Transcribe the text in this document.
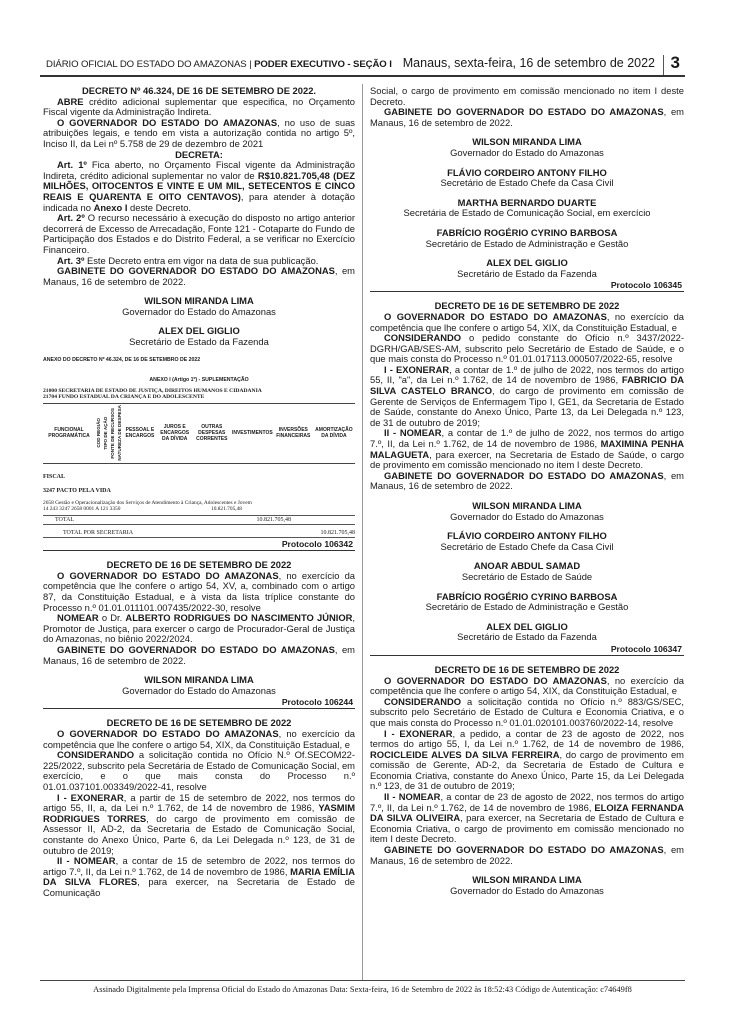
DIÁRIO OFICIAL DO ESTADO DO AMAZONAS | PODER EXECUTIVO - SEÇÃO I Manaus, sexta-feira, 16 de setembro de 2022 3

DECRETO Nº 46.324, DE 16 DE SETEMBRO DE 2022.

ABRE crédito adicional suplementar que especifica, no Orçamento Fiscal vigente da Administração Indireta.

O GOVERNADOR DO ESTADO DO AMAZONAS, no uso de suas atribuições legais, e tendo em vista a autorização contida no artigo 5º, Inciso II, da Lei nº 5.758 de 29 de dezembro de 2021

DECRETA:

Art. 1º Fica aberto, no Orçamento Fiscal vigente da Administração Indireta, crédito adicional suplementar no valor de R$10.821.705,48 (DEZ MILHÕES, OITOCENTOS E VINTE E UM MIL, SETECENTOS E CINCO REAIS E QUARENTA E OITO CENTAVOS), para atender à dotação indicada no Anexo I deste Decreto.

Art. 2º O recurso necessário à execução do disposto no artigo anterior decorrerá de Excesso de Arrecadação, Fonte 121 - Cotaparte do Fundo de Participação dos Estados e do Distrito Federal, a se verificar no Exercício Financeiro.

Art. 3º Este Decreto entra em vigor na data de sua publicação.

GABINETE DO GOVERNADOR DO ESTADO DO AMAZONAS, em Manaus, 16 de setembro de 2022.

WILSON MIRANDA LIMA

Governador do Estado do Amazonas

ALEX DEL GIGLIO

Secretário de Estado da Fazenda

ANEXO DO DECRETO Nº 46.324, DE 16 DE SETEMBRO DE 2022
ANEXO I (Artigo 1º) - SUPLEMENTAÇÃO
21000 SECRETARIA DE ESTADO DE JUSTIÇA, DIREITOS HUMANOS E CIDADANIA
21704 FUNDO ESTADUAL DA CRIANÇA E DO ADOLESCENTE
FUNCIONAL PROGRAMÁTICA	COD REGIÃO	TIPO DE AÇÃO	FONTE DE RECURSOS	NATUREZA DE DESPESA	PESSOAL E ENCARGOS	JUROS E ENCARGOS DA DÍVIDA	OUTRAS DESPESAS CORRENTES	INVESTIMENTOS	INVERSÕES FINANCEIRAS	AMORTIZAÇÃO DA DÍVIDA
FISCAL
3247 PACTO PELA VIDA
2658 Gestão e Operacionalização dos Serviços de Atendimento à Criança, Adolescentes e Jovem
14 243 3247 2658 0001 A 121 3350	10.821.705,48
TOTAL	10.821.705,48
TOTAL POR SECRETARIA	10.821.705,48

Protocolo 106342

DECRETO DE 16 DE SETEMBRO DE 2022

O GOVERNADOR DO ESTADO DO AMAZONAS, no exercício da competência que lhe confere o artigo 54, XV, a, combinado com o artigo 87, da Constituição Estadual, e à vista da lista tríplice constante do Processo n.º 01.01.011101.007435/2022-30, resolve

NOMEAR o Dr. ALBERTO RODRIGUES DO NASCIMENTO JÚNIOR, Promotor de Justiça, para exercer o cargo de Procurador-Geral de Justiça do Amazonas, no biênio 2022/2024.

GABINETE DO GOVERNADOR DO ESTADO DO AMAZONAS, em Manaus, 16 de setembro de 2022.

WILSON MIRANDA LIMA

Governador do Estado do Amazonas

Protocolo 106244

DECRETO DE 16 DE SETEMBRO DE 2022

O GOVERNADOR DO ESTADO DO AMAZONAS, no exercício da competência que lhe confere o artigo 54, XIX, da Constituição Estadual, e

CONSIDERANDO a solicitação contida no Ofício N.º Of.SECOM22-225/2022, subscrito pela Secretária de Estado de Comunicação Social, em exercício, e o que mais consta do Processo n.º 01.01.037101.003349/2022-41, resolve

I - EXONERAR, a partir de 15 de setembro de 2022, nos termos do artigo 55, II, a, da Lei n.º 1.762, de 14 de novembro de 1986, YASMIM RODRIGUES TORRES, do cargo de provimento em comissão de Assessor II, AD-2, da Secretaria de Estado de Comunicação Social, constante do Anexo Único, Parte 6, da Lei Delegada n.º 123, de 31 de outubro de 2019;

II - NOMEAR, a contar de 15 de setembro de 2022, nos termos do artigo 7.º, II, da Lei n.º 1.762, de 14 de novembro de 1986, MARIA EMÍLIA DA SILVA FLORES, para exercer, na Secretaria de Estado de Comunicação

Social, o cargo de provimento em comissão mencionado no item I deste Decreto.

GABINETE DO GOVERNADOR DO ESTADO DO AMAZONAS, em Manaus, 16 de setembro de 2022.

WILSON MIRANDA LIMA

Governador do Estado do Amazonas

FLÁVIO CORDEIRO ANTONY FILHO

Secretário de Estado Chefe da Casa Civil

MARTHA BERNARDO DUARTE

Secretária de Estado de Comunicação Social, em exercício

FABRÍCIO ROGÉRIO CYRINO BARBOSA

Secretário de Estado de Administração e Gestão

ALEX DEL GIGLIO

Secretário de Estado da Fazenda

Protocolo 106345

DECRETO DE 16 DE SETEMBRO DE 2022

O GOVERNADOR DO ESTADO DO AMAZONAS, no exercício da competência que lhe confere o artigo 54, XIX, da Constituição Estadual, e

CONSIDERANDO o pedido constante do Ofício n.º 3437/2022-DGRH/GAB/SES-AM, subscrito pelo Secretário de Estado de Saúde, e o que mais consta do Processo n.º 01.01.017113.000507/2022-65, resolve

I - EXONERAR, a contar de 1.º de julho de 2022, nos termos do artigo 55, II, "a", da Lei n.º 1.762, de 14 de novembro de 1986, FABRICIO DA SILVA CASTELO BRANCO, do cargo de provimento em comissão de Gerente de Serviços de Enfermagem Tipo I, GE1, da Secretaria de Estado de Saúde, constante do Anexo Único, Parte 13, da Lei Delegada n.º 123, de 31 de outubro de 2019;

II - NOMEAR, a contar de 1.º de julho de 2022, nos termos do artigo 7.º, II, da Lei n.º 1.762, de 14 de novembro de 1986, MAXIMINA PENHA MALAGUETA, para exercer, na Secretaria de Estado de Saúde, o cargo de provimento em comissão mencionado no item I deste Decreto.

GABINETE DO GOVERNADOR DO ESTADO DO AMAZONAS, em Manaus, 16 de setembro de 2022.

WILSON MIRANDA LIMA

Governador do Estado do Amazonas

FLÁVIO CORDEIRO ANTONY FILHO

Secretário de Estado Chefe da Casa Civil

ANOAR ABDUL SAMAD

Secretário de Estado de Saúde

FABRÍCIO ROGÉRIO CYRINO BARBOSA

Secretário de Estado de Administração e Gestão

ALEX DEL GIGLIO

Secretário de Estado da Fazenda

Protocolo 106347

DECRETO DE 16 DE SETEMBRO DE 2022

O GOVERNADOR DO ESTADO DO AMAZONAS, no exercício da competência que lhe confere o artigo 54, XIX, da Constituição Estadual, e

CONSIDERANDO a solicitação contida no Ofício n.º 883/GS/SEC, subscrito pelo Secretário de Estado de Cultura e Economia Criativa, e o que mais consta do Processo n.º 01.01.020101.003760/2022-14, resolve

I - EXONERAR, a pedido, a contar de 23 de agosto de 2022, nos termos do artigo 55, I, da Lei n.º 1.762, de 14 de novembro de 1986, ROCICLEIDE ALVES DA SILVA FERREIRA, do cargo de provimento em comissão de Gerente, AD-2, da Secretaria de Estado de Cultura e Economia Criativa, constante do Anexo Único, Parte 15, da Lei Delegada n.º 123, de 31 de outubro de 2019;

II - NOMEAR, a contar de 23 de agosto de 2022, nos termos do artigo 7.º, II, da Lei n.º 1.762, de 14 de novembro de 1986, ELOIZA FERNANDA DA SILVA OLIVEIRA, para exercer, na Secretaria de Estado de Cultura e Economia Criativa, o cargo de provimento em comissão mencionado no item I deste Decreto.

GABINETE DO GOVERNADOR DO ESTADO DO AMAZONAS, em Manaus, 16 de setembro de 2022.

WILSON MIRANDA LIMA

Governador do Estado do Amazonas

Assinado Digitalmente pela Imprensa Oficial do Estado do Amazonas Data: Sexta-feira, 16 de Setembro de 2022 às 18:52:43 Código de Autenticação: c74649f8
